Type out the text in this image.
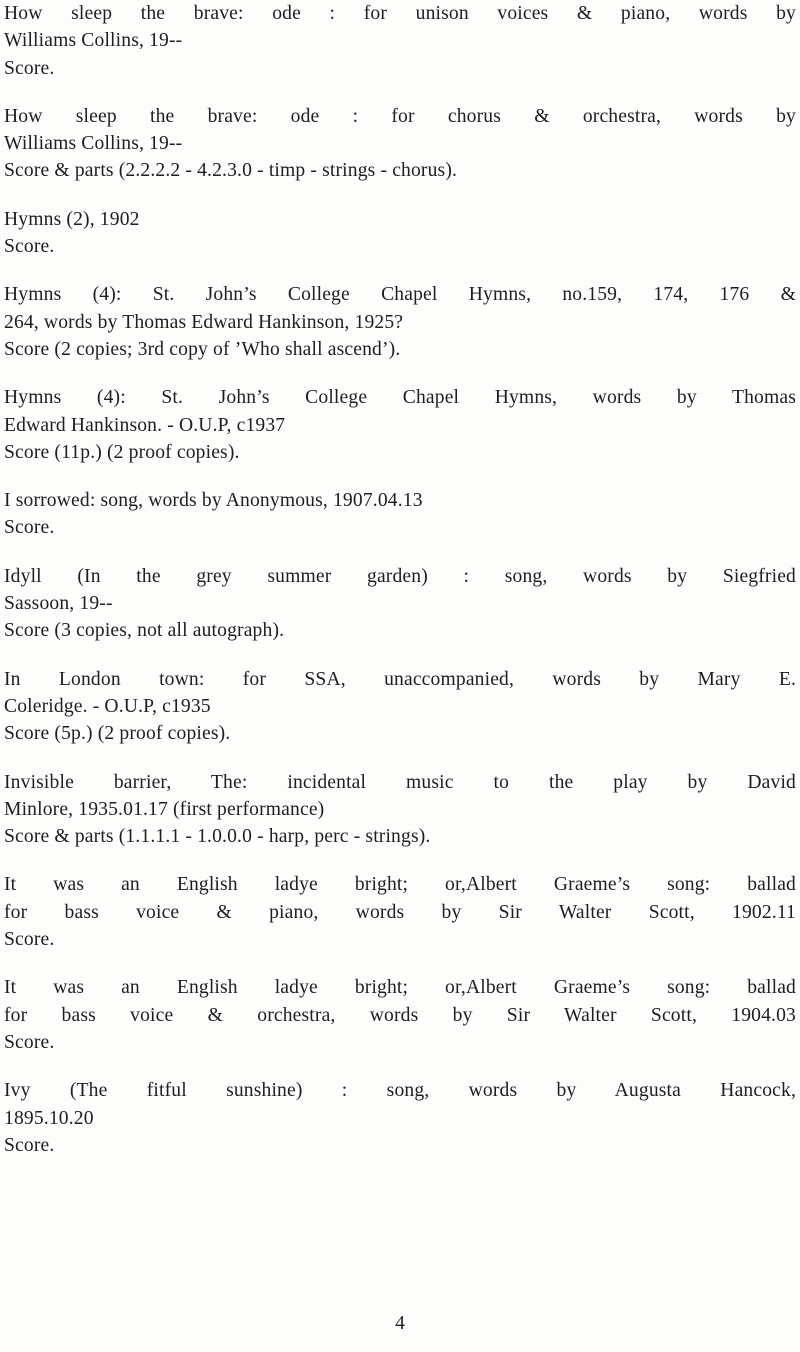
How sleep the brave: ode : for unison voices & piano, words by
Williams Collins, 19--
Score.

How sleep the brave: ode : for chorus & orchestra, words by
Williams Collins, 19--
Score & parts (2.2.2.2 - 4.2.3.0 - timp - strings - chorus).

Hymns (2), 1902
Score.

Hymns (4): St. John’s College Chapel Hymns, no.159, 174, 176 &
264, words by Thomas Edward Hankinson, 1925?
Score (2 copies; 3rd copy of ’Who shall ascend’).

Hymns (4): St. John’s College Chapel Hymns, words by Thomas
Edward Hankinson. - O.U.P, c1937
Score (11p.) (2 proof copies).

I sorrowed: song, words by Anonymous, 1907.04.13
Score.

Idyll (In the grey summer garden) : song, words by Siegfried
Sassoon, 19--
Score (3 copies, not all autograph).

In London town: for SSA, unaccompanied, words by Mary E.
Coleridge. - O.U.P, c1935
Score (5p.) (2 proof copies).

Invisible barrier, The: incidental music to the play by David
Minlore, 1935.01.17 (first performance)
Score & parts (1.1.1.1 - 1.0.0.0 - harp, perc - strings).

It was an English ladye bright; or,Albert Graeme’s song: ballad
for bass voice & piano, words by Sir Walter Scott, 1902.11
Score.

It was an English ladye bright; or,Albert Graeme’s song: ballad
for bass voice & orchestra, words by Sir Walter Scott, 1904.03
Score.

Ivy (The fitful sunshine) : song, words by Augusta Hancock,
1895.10.20
Score.

4
